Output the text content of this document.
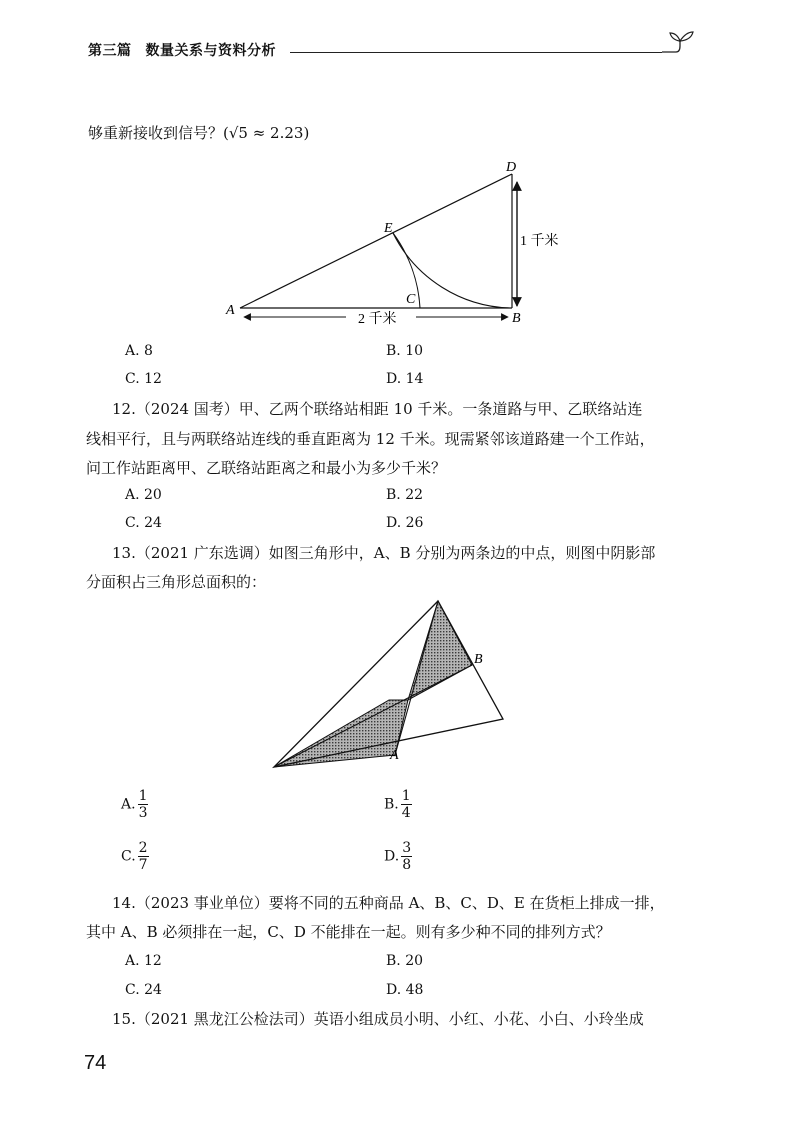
第三篇 数量关系与资料分析
够重新接收到信号？(√5 ≈ 2.23)
D
E
C
A
B
1 千米
2 千米
A. 8	B. 10
C. 12	D. 14
12.（2024 国考）甲、乙两个联络站相距 10 千米。一条道路与甲、乙联络站连
线相平行，且与两联络站连线的垂直距离为 12 千米。现需紧邻该道路建一个工作站，
问工作站距离甲、乙联络站距离之和最小为多少千米？
A. 20	B. 22
C. 24	D. 26
13.（2021 广东选调）如图三角形中，A、B 分别为两条边的中点，则图中阴影部
分面积占三角形总面积的：
B
A
A. $\frac{1}{3}$	B. $\frac{1}{4}$
C. $\frac{2}{7}$	D. $\frac{3}{8}$
14.（2023 事业单位）要将不同的五种商品 A、B、C、D、E 在货柜上排成一排，
其中 A、B 必须排在一起，C、D 不能排在一起。则有多少种不同的排列方式？
A. 12	B. 20
C. 24	D. 48
15.（2021 黑龙江公检法司）英语小组成员小明、小红、小花、小白、小玲坐成
74
